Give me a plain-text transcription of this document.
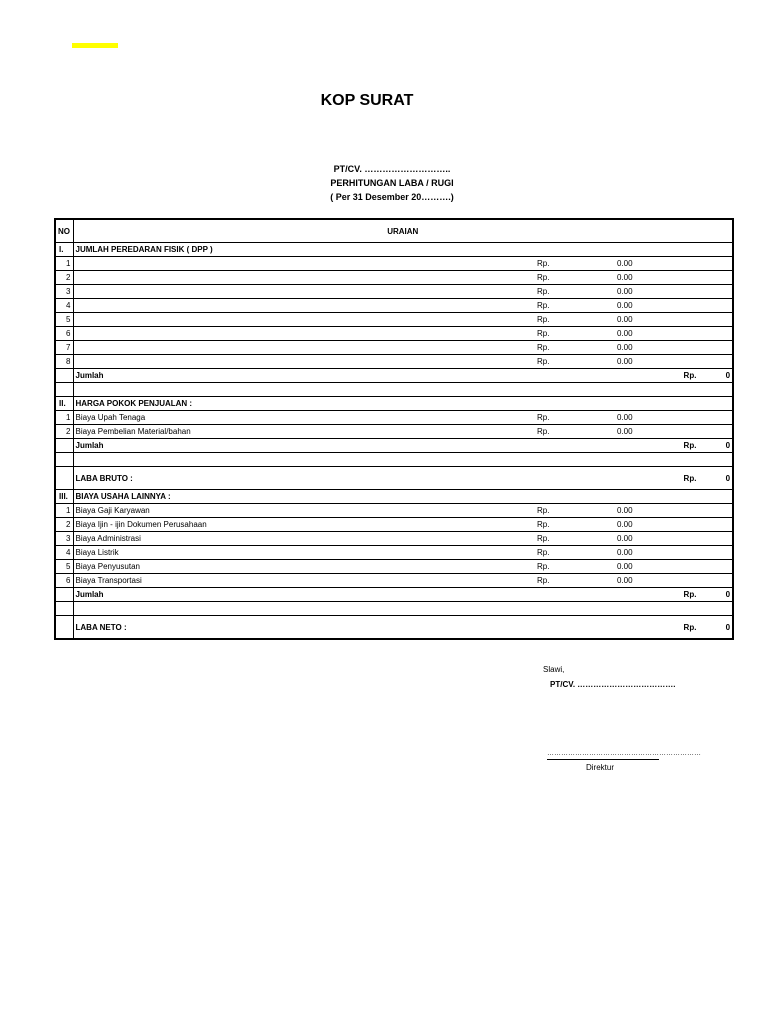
KOP SURAT
PT/CV. ………………………..
PERHITUNGAN LABA / RUGI
( Per 31 Desember 20……….)
NO	URAIAN				
I.	JUMLAH PEREDARAN FISIK ( DPP )				
1		Rp.	0.00		
2		Rp.	0.00		
3		Rp.	0.00		
4		Rp.	0.00		
5		Rp.	0.00		
6		Rp.	0.00		
7		Rp.	0.00		
8		Rp.	0.00		
	Jumlah			Rp.	0

II.	HARGA POKOK PENJUALAN :				
1	Biaya Upah Tenaga	Rp.	0.00		
2	Biaya Pembelian Material/bahan	Rp.	0.00		
	Jumlah			Rp.	0

	LABA BRUTO :			Rp.	0
III.	BIAYA USAHA LAINNYA :				
1	Biaya Gaji Karyawan	Rp.	0.00		
2	Biaya Ijin - ijin Dokumen Perusahaan	Rp.	0.00		
3	Biaya Administrasi	Rp.	0.00		
4	Biaya Listrik	Rp.	0.00		
5	Biaya Penyusutan	Rp.	0.00		
6	Biaya Transportasi	Rp.	0.00		
	Jumlah			Rp.	0

	LABA NETO :			Rp.	0
Slawi,
PT/CV. ……………………………….
…………………………………………………………
Direktur
